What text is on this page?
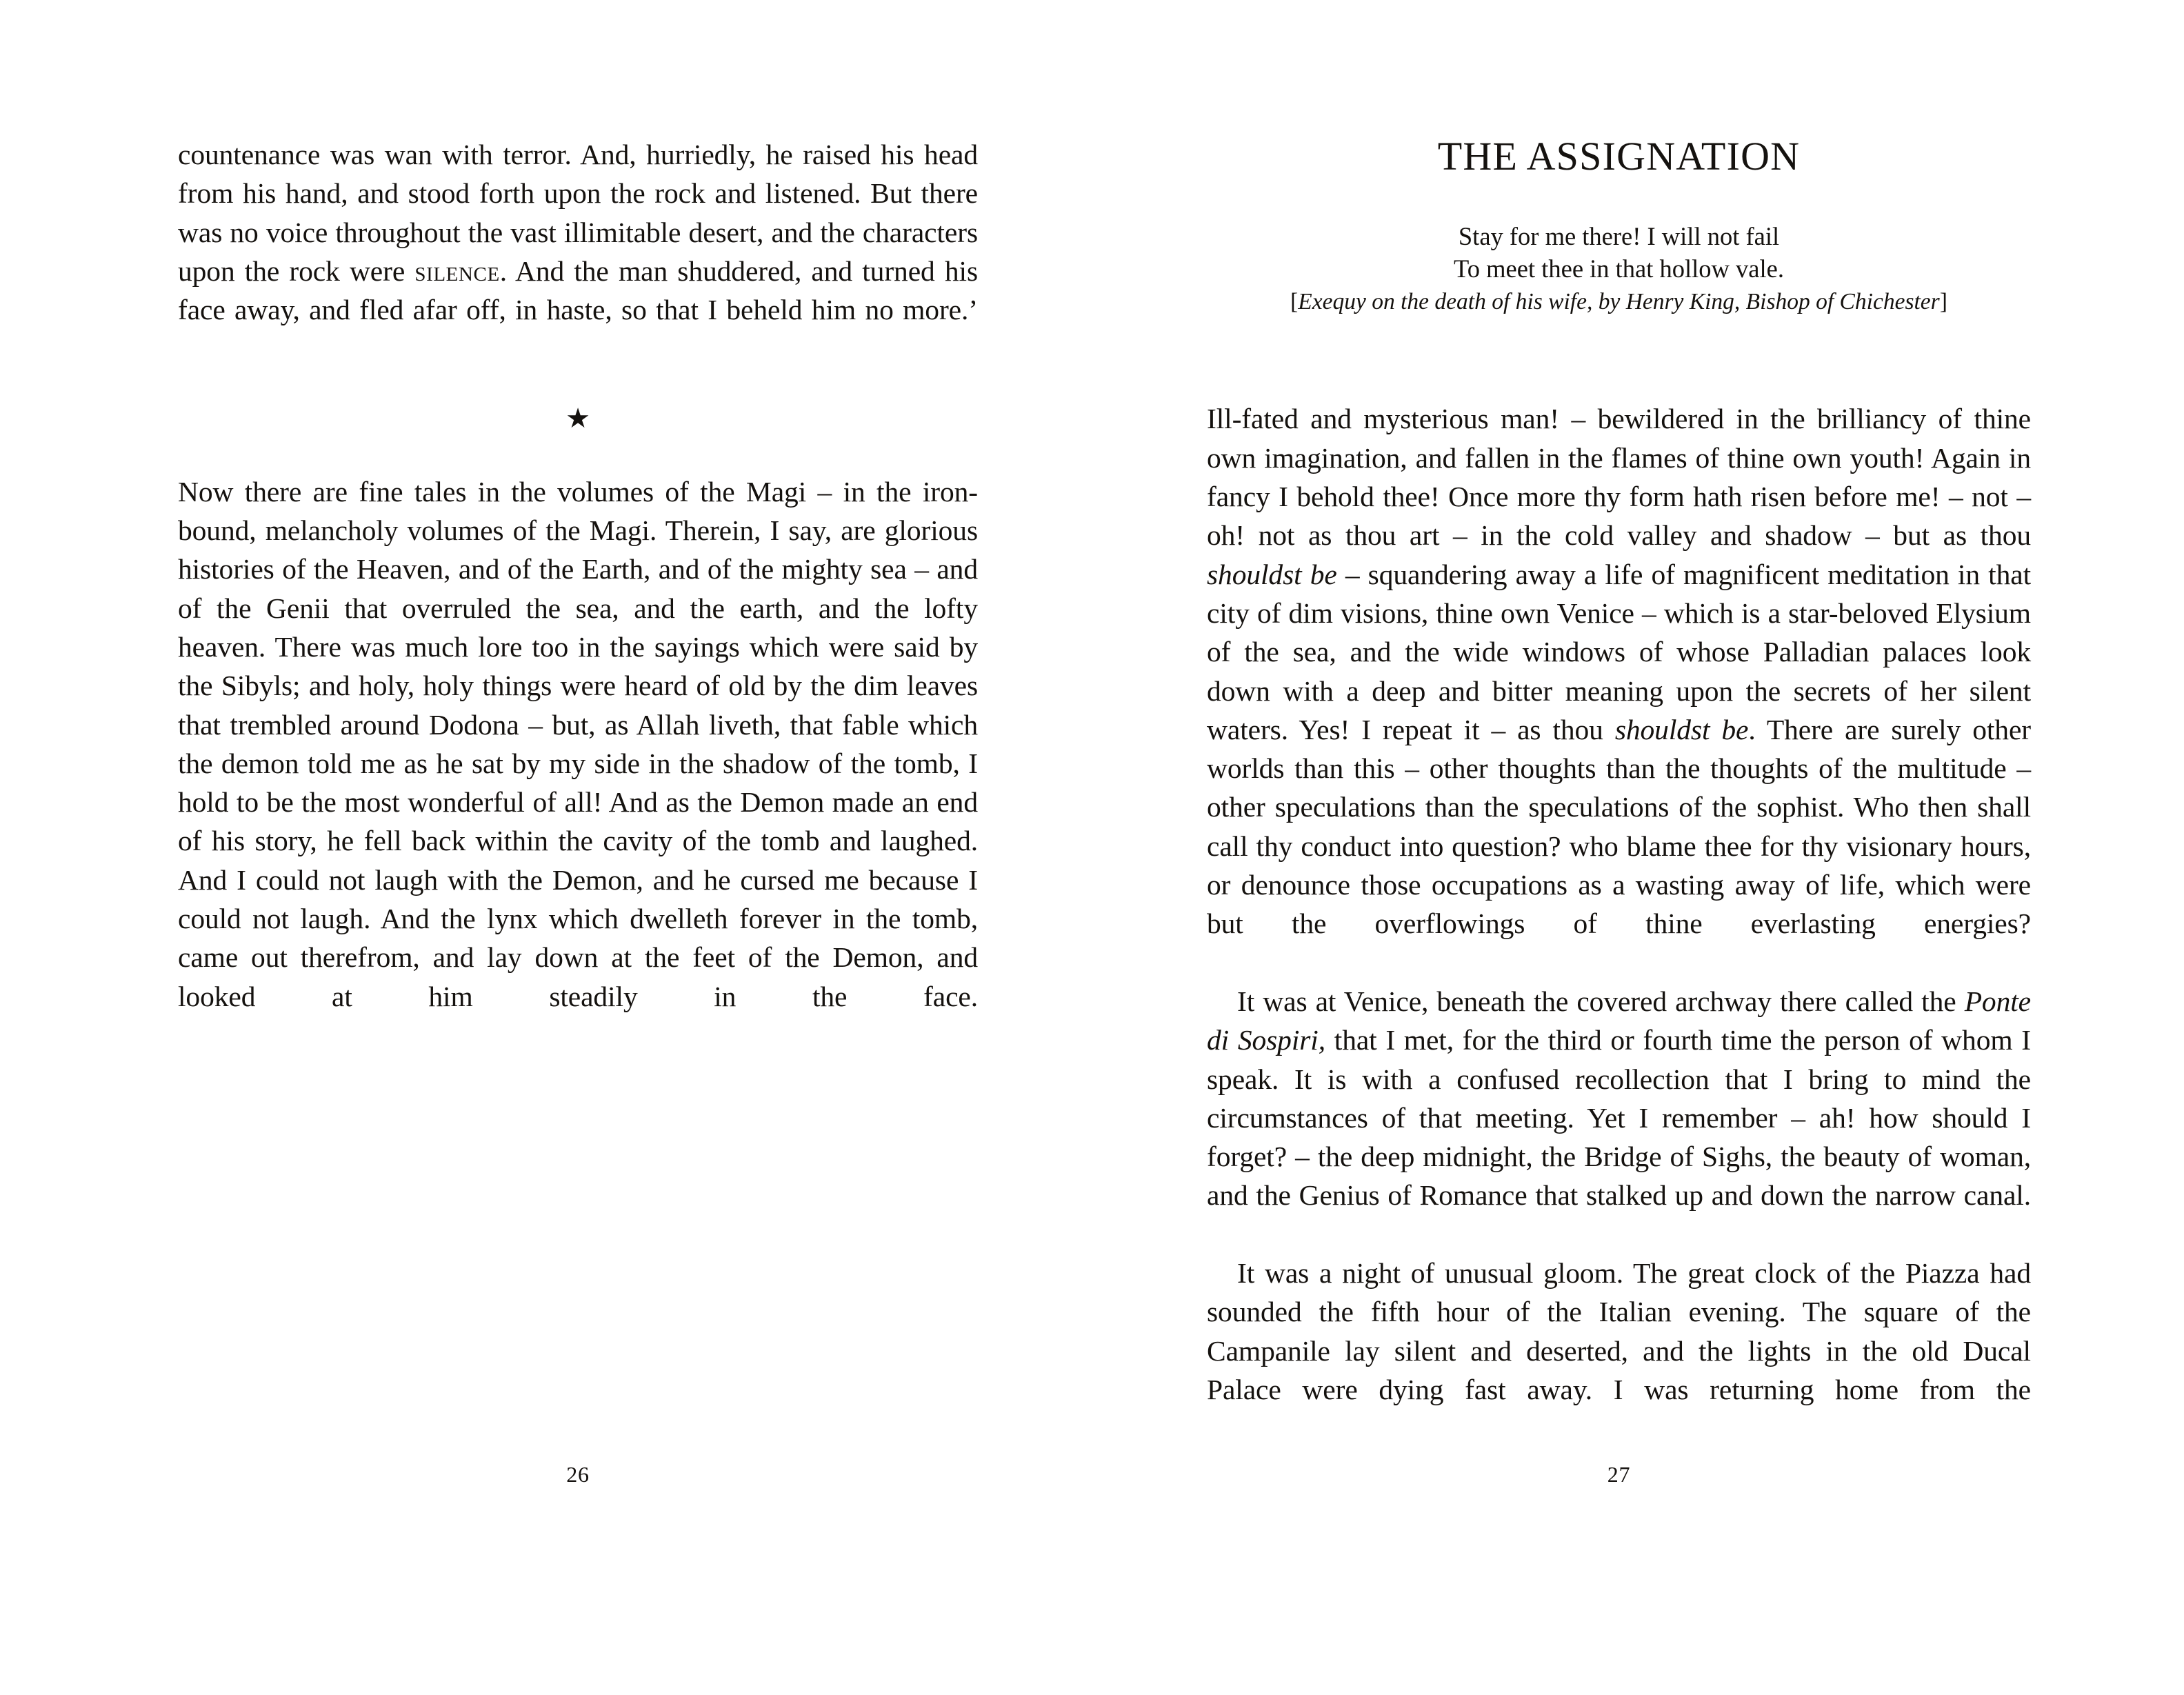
countenance was wan with terror. And, hurriedly, he raised his head from his hand, and stood forth upon the rock and listened. But there was no voice throughout the vast illimitable desert, and the characters upon the rock were silence. And the man shuddered, and turned his face away, and fled afar off, in haste, so that I beheld him no more.’

★

Now there are fine tales in the volumes of the Magi – in the iron-bound, melancholy volumes of the Magi. Therein, I say, are glorious histories of the Heaven, and of the Earth, and of the mighty sea – and of the Genii that overruled the sea, and the earth, and the lofty heaven. There was much lore too in the sayings which were said by the Sibyls; and holy, holy things were heard of old by the dim leaves that trembled around Dodona – but, as Allah liveth, that fable which the demon told me as he sat by my side in the shadow of the tomb, I hold to be the most wonderful of all! And as the Demon made an end of his story, he fell back within the cavity of the tomb and laughed. And I could not laugh with the Demon, and he cursed me because I could not laugh. And the lynx which dwelleth forever in the tomb, came out therefrom, and lay down at the feet of the Demon, and looked at him steadily in the face.

26
THE ASSIGNATION
Stay for me there! I will not fail
To meet thee in that hollow vale.
[Exequy on the death of his wife, by Henry King, Bishop of Chichester]

Ill-fated and mysterious man! – bewildered in the brilliancy of thine own imagination, and fallen in the flames of thine own youth! Again in fancy I behold thee! Once more thy form hath risen before me! – not – oh! not as thou art – in the cold valley and shadow – but as thou shouldst be – squandering away a life of magnificent meditation in that city of dim visions, thine own Venice – which is a star-beloved Elysium of the sea, and the wide windows of whose Palladian palaces look down with a deep and bitter meaning upon the secrets of her silent waters. Yes! I repeat it – as thou shouldst be. There are surely other worlds than this – other thoughts than the thoughts of the multitude – other speculations than the speculations of the sophist. Who then shall call thy conduct into question? who blame thee for thy visionary hours, or denounce those occupations as a wasting away of life, which were but the overflowings of thine everlasting energies?

It was at Venice, beneath the covered archway there called the Ponte di Sospiri, that I met, for the third or fourth time the person of whom I speak. It is with a confused recollection that I bring to mind the circumstances of that meeting. Yet I remember – ah! how should I forget? – the deep midnight, the Bridge of Sighs, the beauty of woman, and the Genius of Romance that stalked up and down the narrow canal.

It was a night of unusual gloom. The great clock of the Piazza had sounded the fifth hour of the Italian evening. The square of the Campanile lay silent and deserted, and the lights in the old Ducal Palace were dying fast away. I was returning home from the

27
